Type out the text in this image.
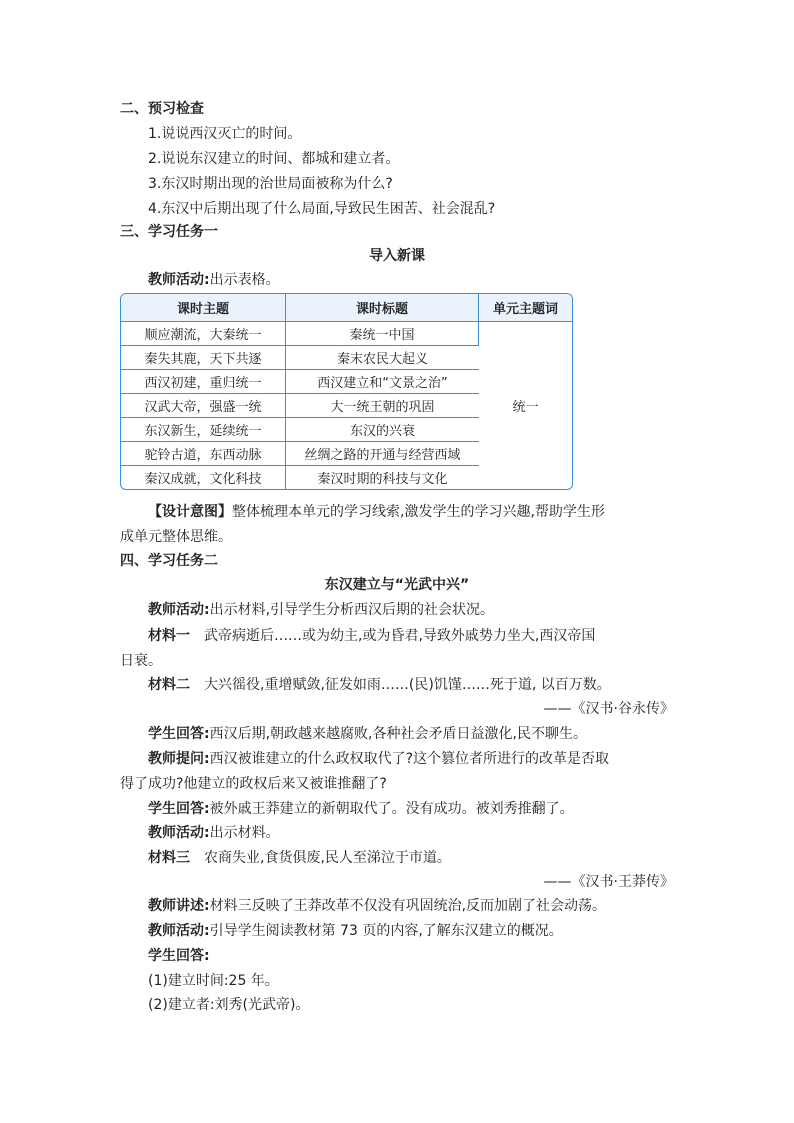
二、预习检查
1.说说西汉灭亡的时间。
2.说说东汉建立的时间、都城和建立者。
3.东汉时期出现的治世局面被称为什么?
4.东汉中后期出现了什么局面,导致民生困苦、社会混乱?
三、学习任务一
导入新课
教师活动:出示表格。
课时主题	课时标题	单元主题词
顺应潮流，大秦统一	秦统一中国	统一
秦失其鹿，天下共逐	秦末农民大起义	
西汉初建，重归统一	西汉建立和“文景之治”	
汉武大帝，强盛一统	大一统王朝的巩固	
东汉新生，延续统一	东汉的兴衰	
驼铃古道，东西动脉	丝绸之路的开通与经营西域	
秦汉成就，文化科技	秦汉时期的科技与文化	
【设计意图】整体梳理本单元的学习线索,激发学生的学习兴趣,帮助学生形
成单元整体思维。
四、学习任务二
东汉建立与“光武中兴”
教师活动:出示材料,引导学生分析西汉后期的社会状况。
材料一 武帝病逝后……或为幼主,或为昏君,导致外戚势力坐大,西汉帝国
日衰。
材料二 大兴徭役,重增赋敛,征发如雨……(民)饥馑……死于道, 以百万数。
——《汉书·谷永传》
学生回答:西汉后期,朝政越来越腐败,各种社会矛盾日益激化,民不聊生。
教师提问:西汉被谁建立的什么政权取代了?这个篡位者所进行的改革是否取
得了成功?他建立的政权后来又被谁推翻了?
学生回答:被外戚王莽建立的新朝取代了。没有成功。被刘秀推翻了。
教师活动:出示材料。
材料三 农商失业,食货俱废,民人至涕泣于市道。
——《汉书·王莽传》
教师讲述:材料三反映了王莽改革不仅没有巩固统治,反而加剧了社会动荡。
教师活动:引导学生阅读教材第 73 页的内容,了解东汉建立的概况。
学生回答:
(1)建立时间:25 年。
(2)建立者:刘秀(光武帝)。
